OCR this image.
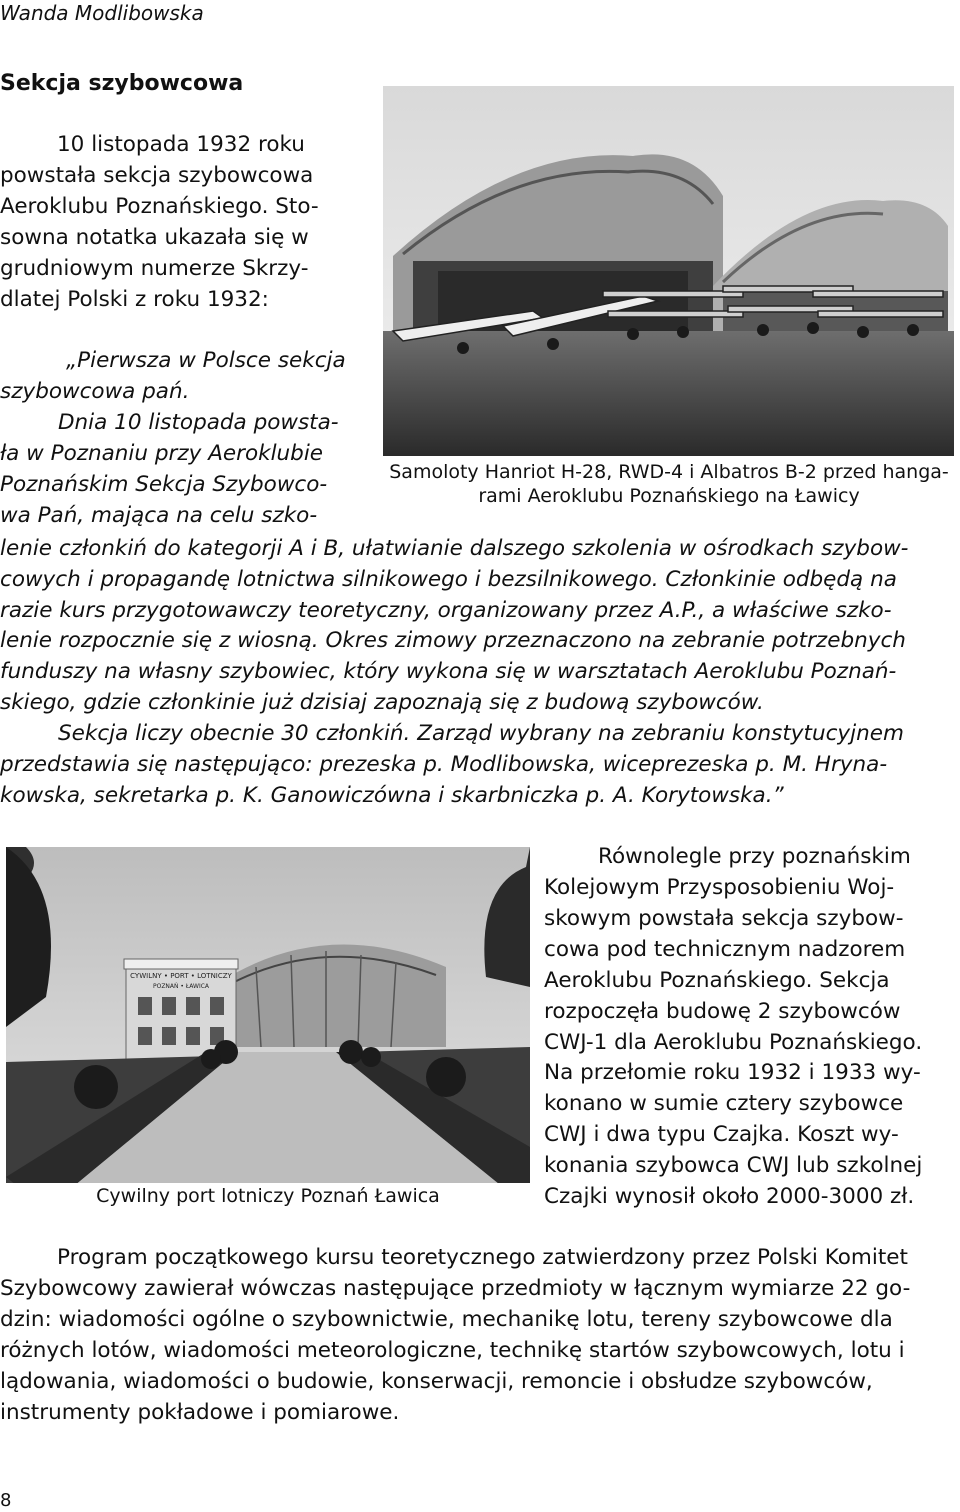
Wanda Modlibowska
Sekcja szybowcowa

10 listopada 1932 roku

powstała sekcja szybowcowa

Aeroklubu Poznańskiego. Sto-

sowna notatka ukazała się w

grudniowym numerze Skrzy-

dlatej Polski z roku 1932:

„Pierwsza w Polsce sekcja

szybowcowa pań.

Dnia 10 listopada powsta-

ła w Poznaniu przy Aeroklubie

Poznańskim Sekcja Szybowco-

wa Pań, mająca na celu szko-

lenie członkiń do kategorji A i B, ułatwianie dalszego szkolenia w ośrodkach szybow-

cowych i propagandę lotnictwa silnikowego i bezsilnikowego. Członkinie odbędą na

razie kurs przygotowawczy teoretyczny, organizowany przez A.P., a właściwe szko-

lenie rozpocznie się z wiosną. Okres zimowy przeznaczono na zebranie potrzebnych

funduszy na własny szybowiec, który wykona się w warsztatach Aeroklubu Poznań-

skiego, gdzie członkinie już dzisiaj zapoznają się z budową szybowców.

Sekcja liczy obecnie 30 członkiń. Zarząd wybrany na zebraniu konstytucyjnem

przedstawia się następująco: prezeska p. Modlibowska, wiceprezeska p. M. Hryna-

kowska, sekretarka p. K. Ganowiczówna i skarbniczka p. A. Korytowska.”

Samoloty Hanriot H-28, RWD-4 i Albatros B-2 przed hanga-

rami Aeroklubu Poznańskiego na Ławicy

CYWILNY • PORT • LOTNICZY
POZNAŃ • ŁAWICA
Cywilny port lotniczy Poznań Ławica

Równolegle przy poznańskim

Kolejowym Przysposobieniu Woj-

skowym powstała sekcja szybow-

cowa pod technicznym nadzorem

Aeroklubu Poznańskiego. Sekcja

rozpoczęła budowę 2 szybowców

CWJ-1 dla Aeroklubu Poznańskiego.

Na przełomie roku 1932 i 1933 wy-

konano w sumie cztery szybowce

CWJ i dwa typu Czajka. Koszt wy-

konania szybowca CWJ lub szkolnej

Czajki wynosił około 2000-3000 zł.

Program początkowego kursu teoretycznego zatwierdzony przez Polski Komitet

Szybowcowy zawierał wówczas następujące przedmioty w łącznym wymiarze 22 go-

dzin: wiadomości ogólne o szybownictwie, mechanikę lotu, tereny szybowcowe dla

różnych lotów, wiadomości meteorologiczne, technikę startów szybowcowych, lotu i

lądowania, wiadomości o budowie, konserwacji, remoncie i obsłudze szybowców,

instrumenty pokładowe i pomiarowe.

8
